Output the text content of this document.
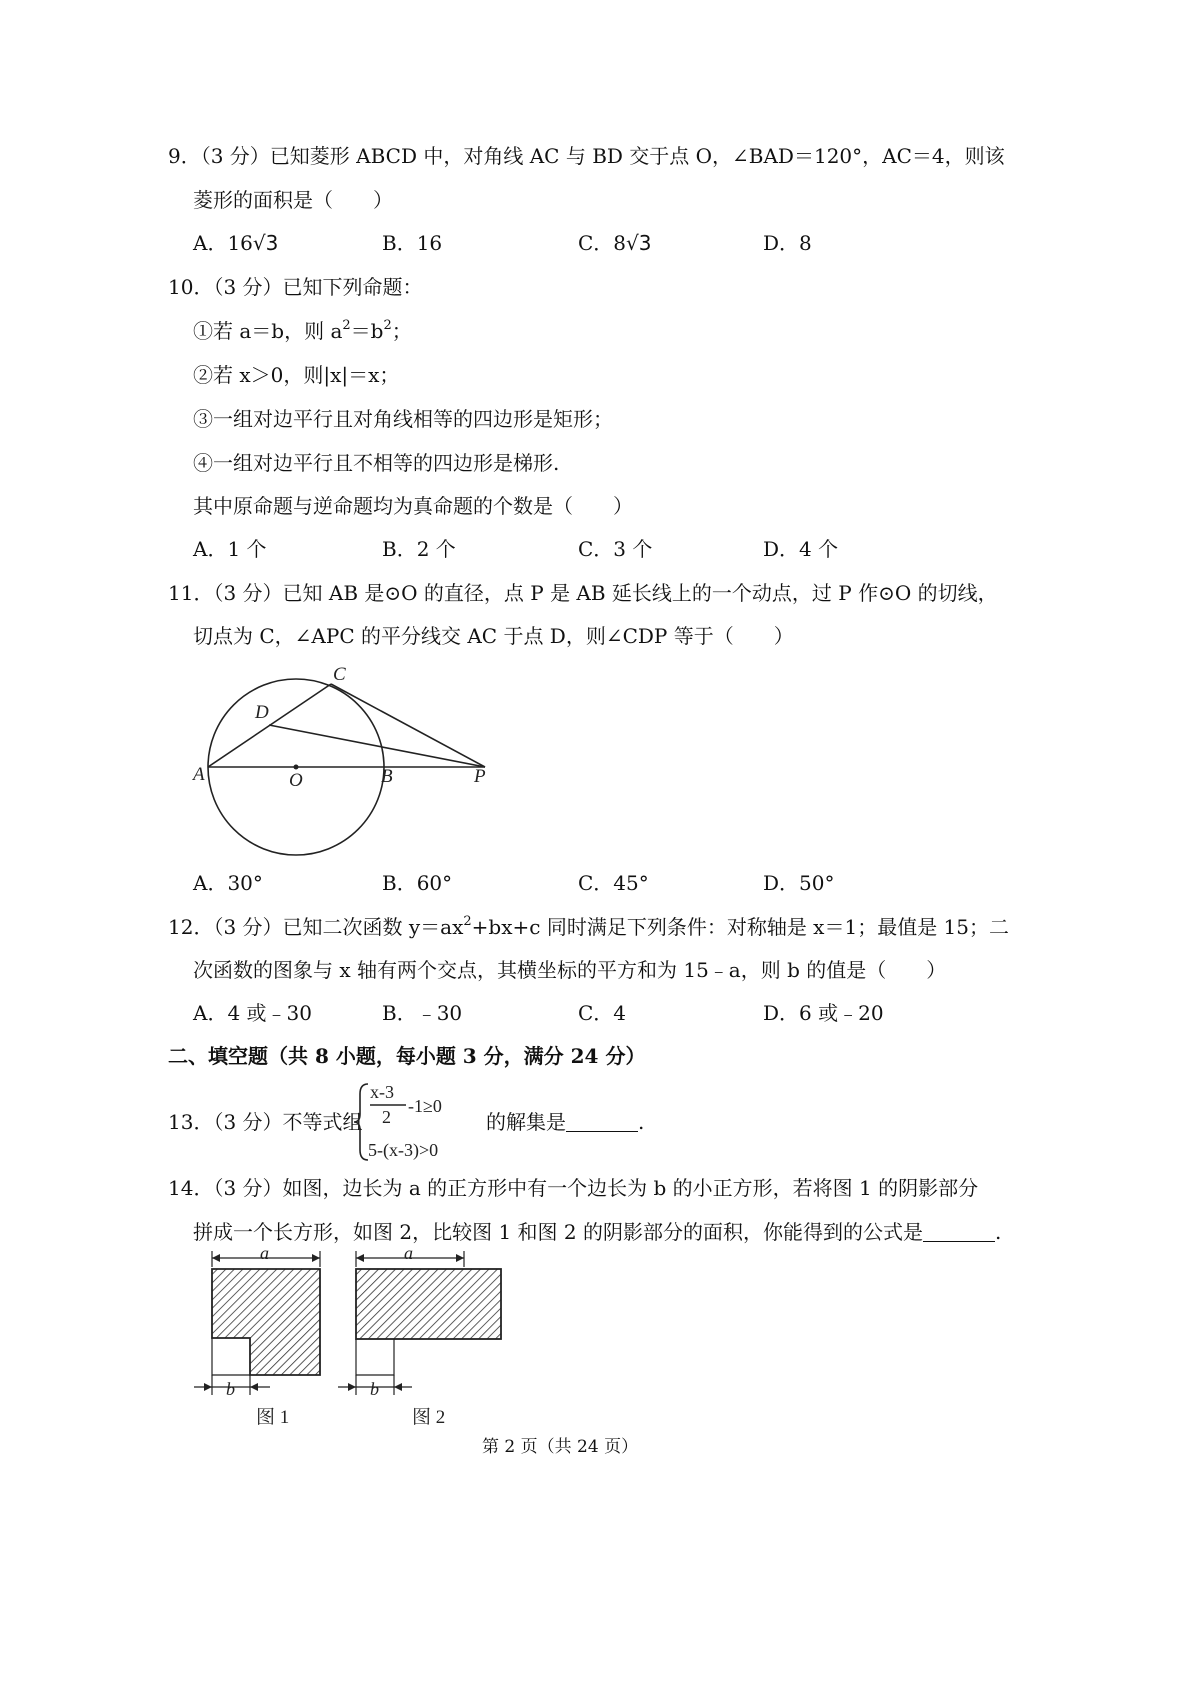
9．（3 分）已知菱形 ABCD 中，对角线 AC 与 BD 交于点 O，∠BAD＝120°，AC＝4，则该
菱形的面积是（　　）
A．16√3	B．16	C．8√3	D．8
10．（3 分）已知下列命题：
①若 a＝b，则 $a^2=b^2$；
②若 x＞0，则|x|＝x；
③一组对边平行且对角线相等的四边形是矩形；
④一组对边平行且不相等的四边形是梯形.
其中原命题与逆命题均为真命题的个数是（　　）
A．1 个	B．2 个	C．3 个	D．4 个
11．（3 分）已知 AB 是⊙O 的直径，点 P 是 AB 延长线上的一个动点，过 P 作⊙O 的切线，
切点为 C，∠APC 的平分线交 AC 于点 D，则∠CDP 等于（　　）
C
D
A	O	B	P
A．30°	B．60°	C．45°	D．50°
12．（3 分）已知二次函数 $y=ax^2+bx+c$ 同时满足下列条件：对称轴是 x＝1；最值是 15；二
次函数的图象与 x 轴有两个交点，其横坐标的平方和为 15﹣a，则 b 的值是（　　）
A．4 或﹣30	B．﹣30	C．4	D．6 或﹣20
二、填空题（共 8 小题，每小题 3 分，满分 24 分）
13．（3 分）不等式组
x-3
2
-1≥0
5-(x-3)>0
的解集是	.
14．（3 分）如图，边长为 a 的正方形中有一个边长为 b 的小正方形，若将图 1 的阴影部分
拼成一个长方形，如图 2，比较图 1 和图 2 的阴影部分的面积，你能得到的公式是	.
a
b
图 1
a
b
图 2
第 2 页（共 24 页）
